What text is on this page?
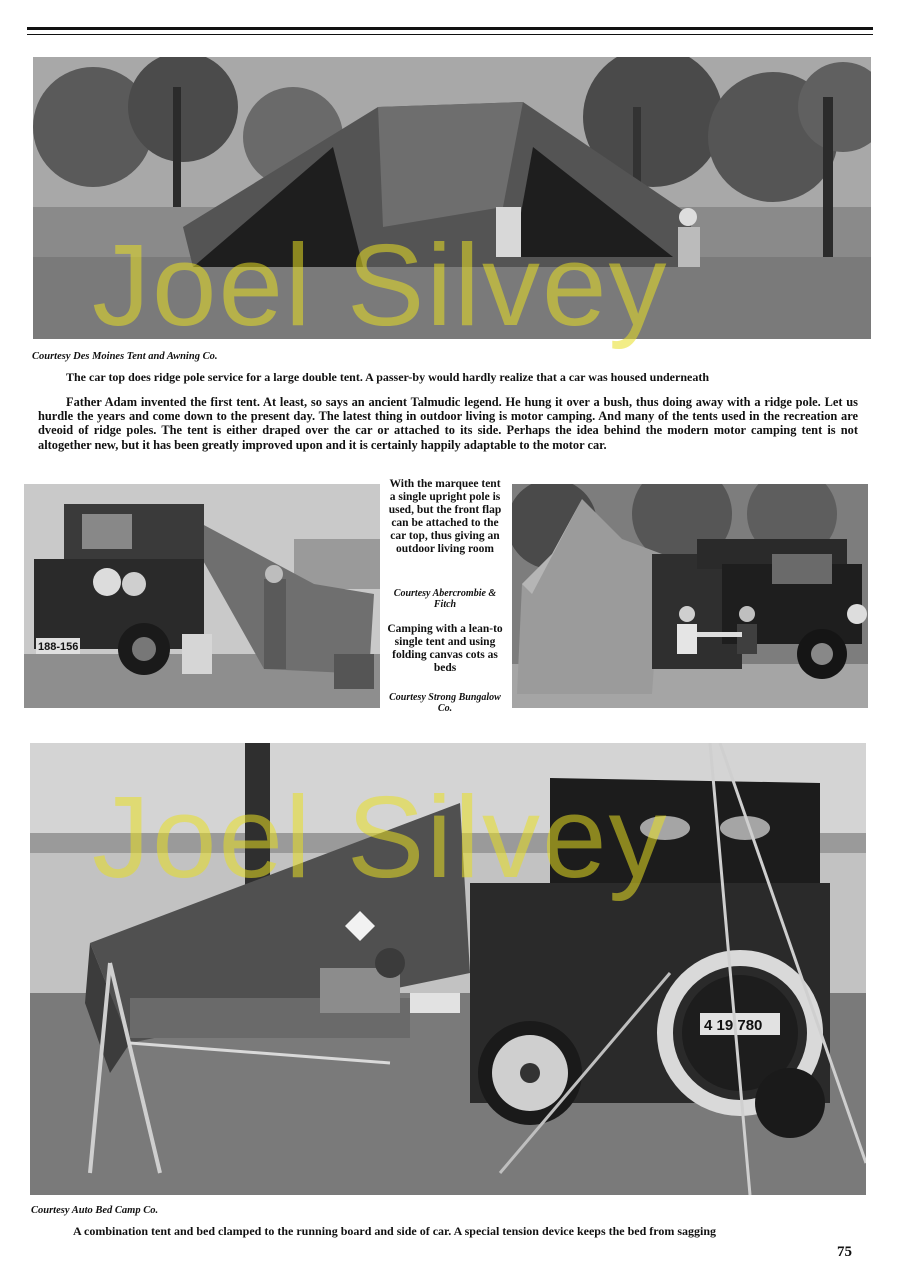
Courtesy Des Moines Tent and Awning Co.
The car top does ridge pole service for a large double tent. A passer-by would hardly realize that a car was housed underneath
Father Adam invented the first tent. At least, so says an ancient Talmudic legend. He hung it over a bush, thus doing away with a ridge pole. Let us hurdle the years and come down to the present day. The latest thing in outdoor living is motor camping. And many of the tents used in the recreation are dveoid of ridge poles. The tent is either draped over the car or attached to its side. Perhaps the idea behind the modern motor camping tent is not altogether new, but it has been greatly improved upon and it is certainly happily adaptable to the motor car.
188-156
With the marquee tent a single upright pole is used, but the front flap can be attached to the car top, thus giving an outdoor living room
Courtesy Abercrombie & Fitch
Camping with a lean-to single tent and using folding canvas cots as beds
Courtesy Strong Bungalow Co.
4 19 780
Courtesy Auto Bed Camp Co.
A combination tent and bed clamped to the running board and side of car. A special tension device keeps the bed from sagging
75
Joel Silvey
Joel Silvey
